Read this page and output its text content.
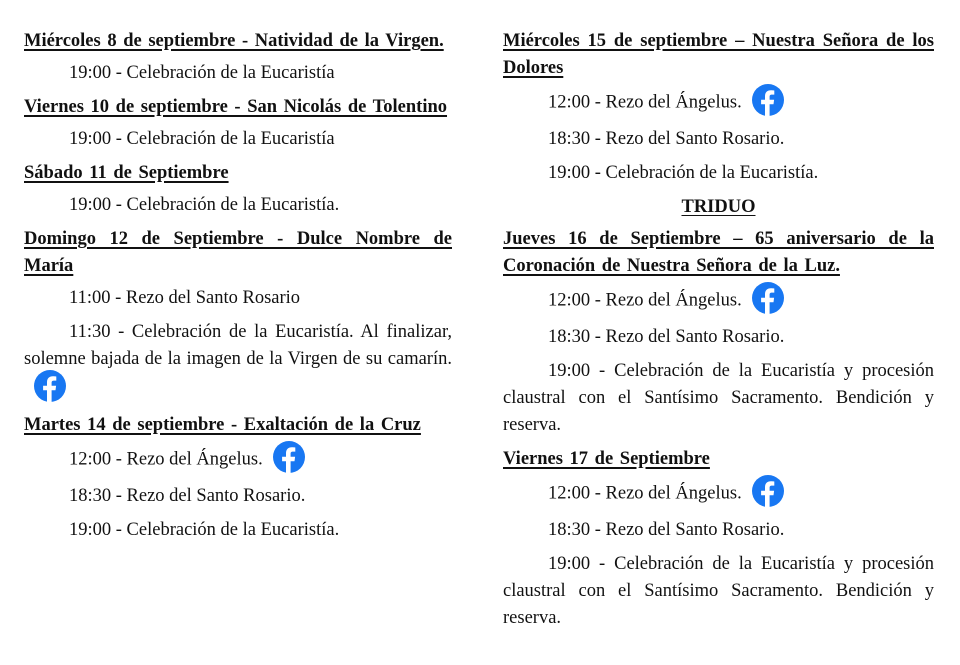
Miércoles 8 de septiembre - Natividad de la Virgen.
19:00 - Celebración de la Eucaristía
Viernes 10 de septiembre - San Nicolás de Tolentino
19:00 - Celebración de la Eucaristía
Sábado 11 de Septiembre
19:00 - Celebración de la Eucaristía.
Domingo 12 de Septiembre - Dulce Nombre de María
11:00 - Rezo del Santo Rosario
11:30 - Celebración de la Eucaristía. Al finalizar, solemne bajada de la imagen de la Virgen de su camarín.
Martes 14 de septiembre - Exaltación de la Cruz
12:00 - Rezo del Ángelus.
18:30 - Rezo del Santo Rosario.
19:00 - Celebración de la Eucaristía.
Miércoles 15 de septiembre – Nuestra Señora de los Dolores
12:00 - Rezo del Ángelus.
18:30 - Rezo del Santo Rosario.
19:00 - Celebración de la Eucaristía.
TRIDUO
Jueves 16 de Septiembre – 65 aniversario de la Coronación de Nuestra Señora de la Luz.
12:00 - Rezo del Ángelus.
18:30 - Rezo del Santo Rosario.
19:00 - Celebración de la Eucaristía y procesión claustral con el Santísimo Sacramento. Bendición y reserva.
Viernes 17 de Septiembre
12:00 - Rezo del Ángelus.
18:30 - Rezo del Santo Rosario.
19:00 - Celebración de la Eucaristía y procesión claustral con el Santísimo Sacramento. Bendición y reserva.
